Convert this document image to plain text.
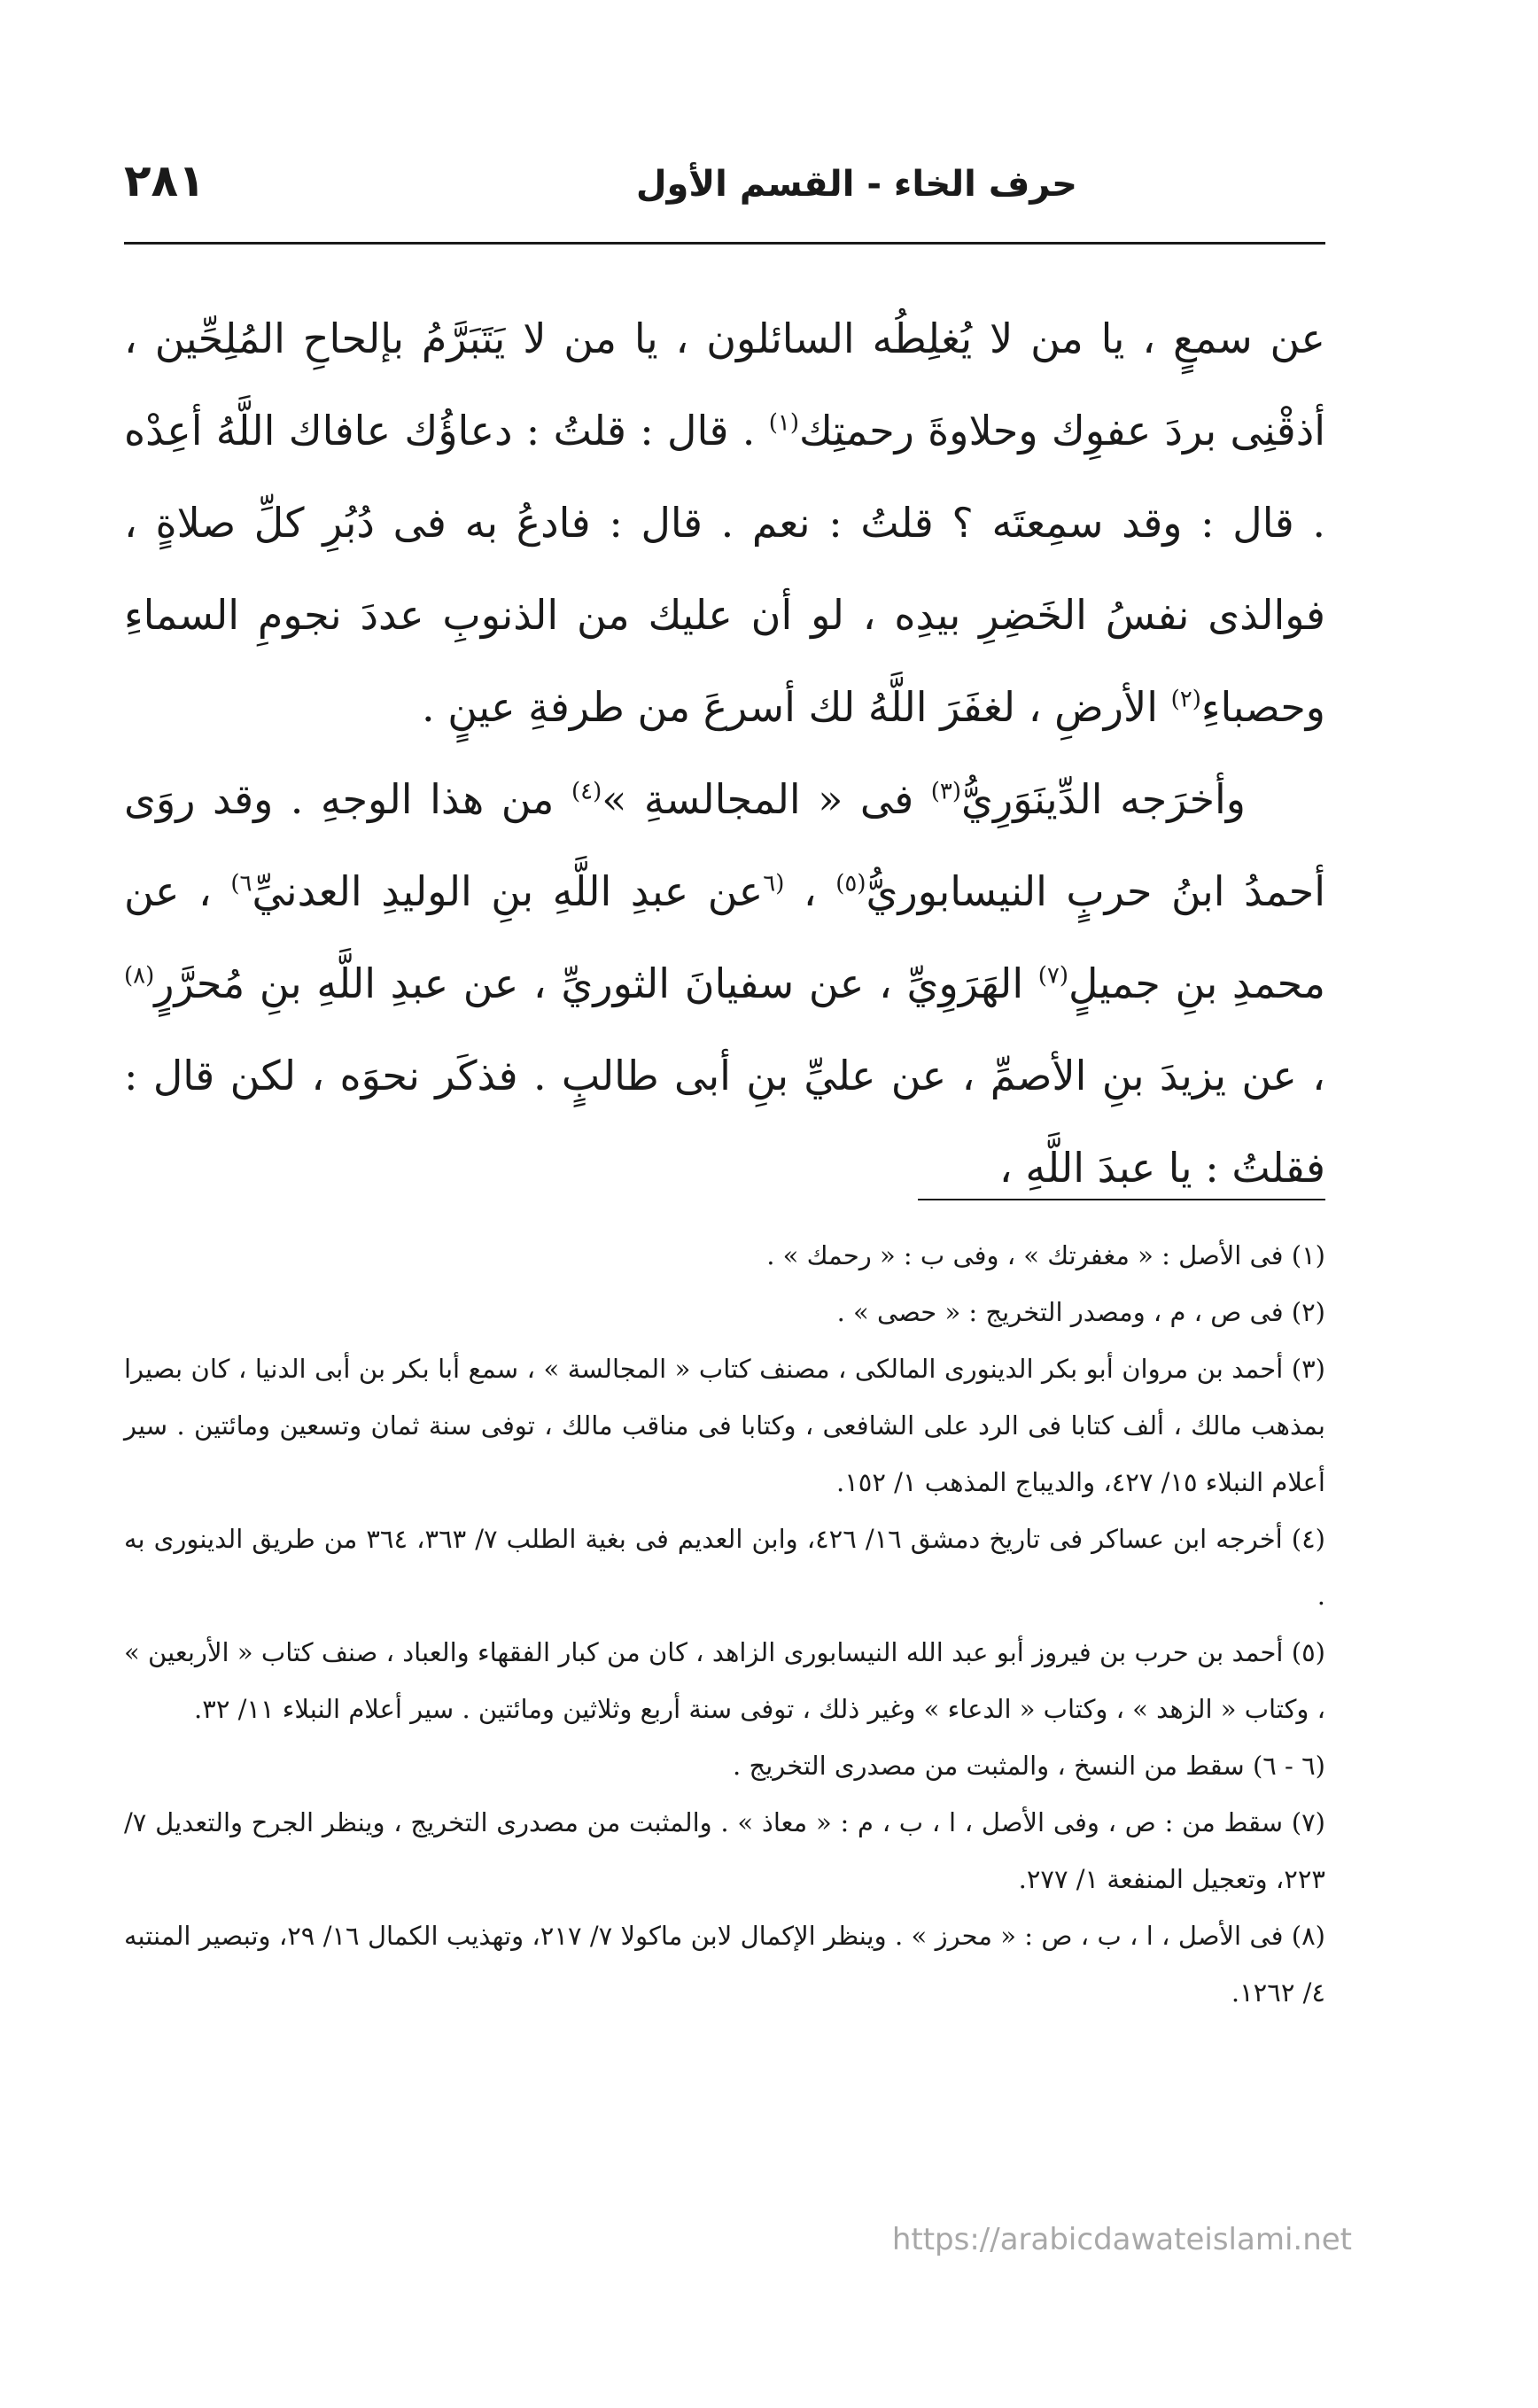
حرف الخاء - القسم الأول
٢٨١

عن سمعٍ ، يا من لا يُغلِطُه السائلون ، يا من لا يَتَبَرَّمُ بإلحاحِ المُلِحِّين ، أذقْنِى بردَ عفوِك وحلاوةَ رحمتِك$^{(١)}$ . قال : قلتُ : دعاؤُك عافاك اللَّهُ أعِدْه . قال : وقد سمِعتَه ؟ قلتُ : نعم . قال : فادعُ به فى دُبُرِ كلِّ صلاةٍ ، فوالذى نفسُ الخَضِرِ بيدِه ، لو أن عليك من الذنوبِ عددَ نجومِ السماءِ وحصباءِ$^{(٢)}$ الأرضِ ، لغفَرَ اللَّهُ لك أسرعَ من طرفةِ عينٍ .

وأخرَجه الدِّينَوَرِيُّ$^{(٣)}$ فى « المجالسةِ »$^{(٤)}$ من هذا الوجهِ . وقد روَى أحمدُ ابنُ حربٍ النيسابوريُّ$^{(٥)}$ ، $^{(٦}$عن عبدِ اللَّهِ بنِ الوليدِ العدنيِّ$^{٦)}$ ، عن محمدِ بنِ جميلٍ$^{(٧)}$ الهَرَوِيِّ ، عن سفيانَ الثوريِّ ، عن عبدِ اللَّهِ بنِ مُحرَّرٍ$^{(٨)}$ ، عن يزيدَ بنِ الأصمِّ ، عن عليِّ بنِ أبى طالبٍ . فذكَر نحوَه ، لكن قال : فقلتُ : يا عبدَ اللَّهِ ،

(١) فى الأصل : « مغفرتك » ، وفى ب : « رحمك » .

(٢) فى ص ، م ، ومصدر التخريج : « حصى » .

(٣) أحمد بن مروان أبو بكر الدينورى المالكى ، مصنف كتاب « المجالسة » ، سمع أبا بكر بن أبى الدنيا ، كان بصيرا بمذهب مالك ، ألف كتابا فى الرد على الشافعى ، وكتابا فى مناقب مالك ، توفى سنة ثمان وتسعين ومائتين . سير أعلام النبلاء ١٥/ ٤٢٧، والديباج المذهب ١/ ١٥٢.

(٤) أخرجه ابن عساكر فى تاريخ دمشق ١٦/ ٤٢٦، وابن العديم فى بغية الطلب ٧/ ٣٦٣، ٣٦٤ من طريق الدينورى به .

(٥) أحمد بن حرب بن فيروز أبو عبد الله النيسابورى الزاهد ، كان من كبار الفقهاء والعباد ، صنف كتاب « الأربعين » ، وكتاب « الزهد » ، وكتاب « الدعاء » وغير ذلك ، توفى سنة أربع وثلاثين ومائتين . سير أعلام النبلاء ١١/ ٣٢.

(٦ - ٦) سقط من النسخ ، والمثبت من مصدرى التخريج .

(٧) سقط من : ص ، وفى الأصل ، ا ، ب ، م : « معاذ » . والمثبت من مصدرى التخريج ، وينظر الجرح والتعديل ٧/ ٢٢٣، وتعجيل المنفعة ١/ ٢٧٧.

(٨) فى الأصل ، ا ، ب ، ص : « محرز » . وينظر الإكمال لابن ماكولا ٧/ ٢١٧، وتهذيب الكمال ١٦/ ٢٩، وتبصير المنتبه ٤/ ١٢٦٢.

https://arabicdawateislami.net
